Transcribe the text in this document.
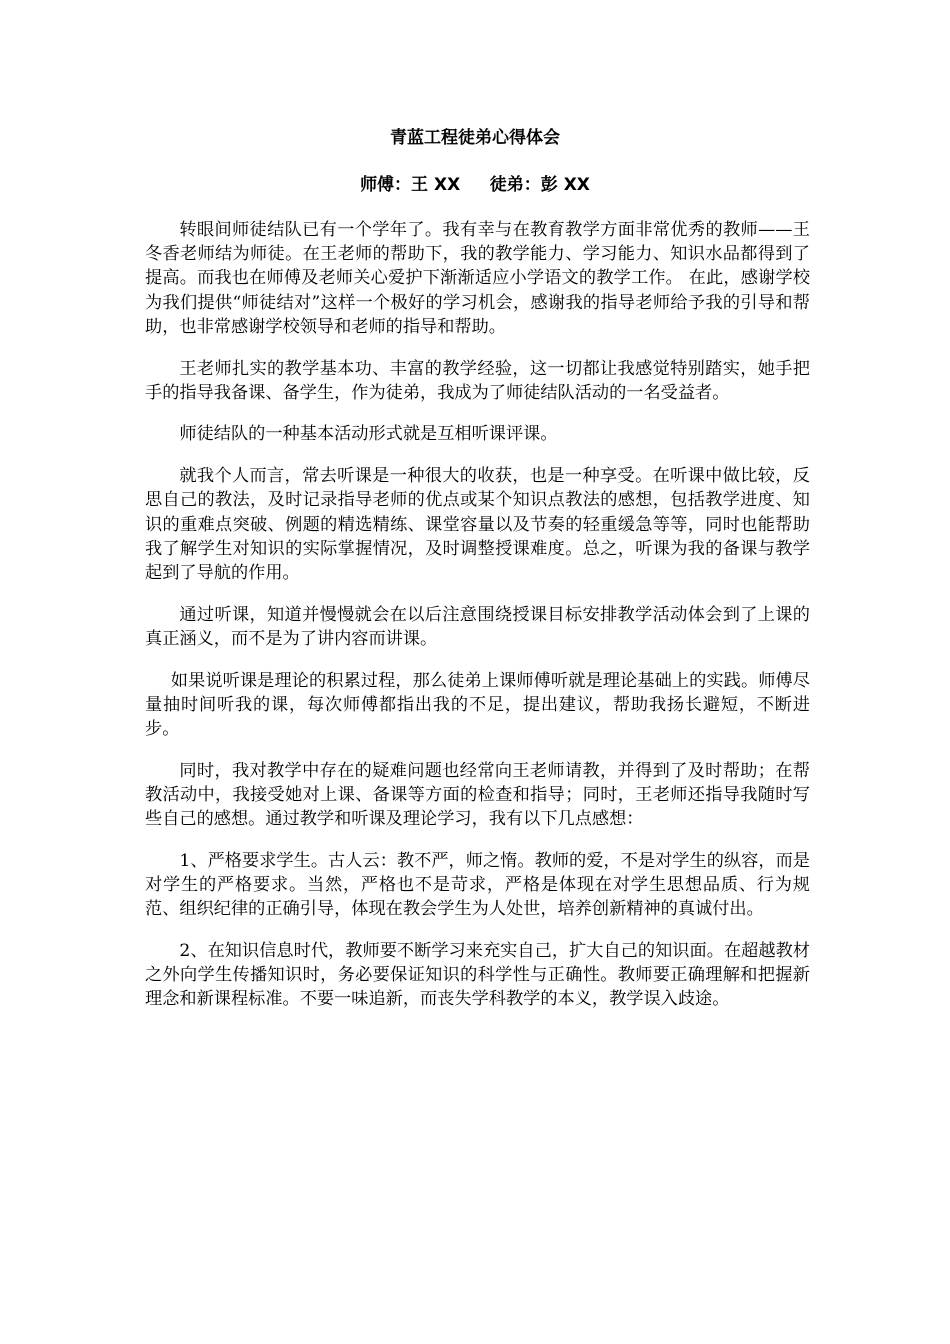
青蓝工程徒弟心得体会
师傅：王 XX     徒弟：彭 XX

转眼间师徒结队已有一个学年了。我有幸与在教育教学方面非常优秀的教师——王冬香老师结为师徒。在王老师的帮助下，我的教学能力、学习能力、知识水品都得到了提高。而我也在师傅及老师关心爱护下渐渐适应小学语文的教学工作。 在此，感谢学校为我们提供“师徒结对”这样一个极好的学习机会，感谢我的指导老师给予我的引导和帮助，也非常感谢学校领导和老师的指导和帮助。

王老师扎实的教学基本功、丰富的教学经验，这一切都让我感觉特别踏实，她手把手的指导我备课、备学生，作为徒弟，我成为了师徒结队活动的一名受益者。

师徒结队的一种基本活动形式就是互相听课评课。

就我个人而言，常去听课是一种很大的收获，也是一种享受。在听课中做比较，反思自己的教法，及时记录指导老师的优点或某个知识点教法的感想，包括教学进度、知识的重难点突破、例题的精选精练、课堂容量以及节奏的轻重缓急等等，同时也能帮助我了解学生对知识的实际掌握情况，及时调整授课难度。总之，听课为我的备课与教学起到了导航的作用。

通过听课，知道并慢慢就会在以后注意围绕授课目标安排教学活动体会到了上课的真正涵义，而不是为了讲内容而讲课。

如果说听课是理论的积累过程，那么徒弟上课师傅听就是理论基础上的实践。师傅尽量抽时间听我的课，每次师傅都指出我的不足，提出建议，帮助我扬长避短，不断进步。

同时，我对教学中存在的疑难问题也经常向王老师请教，并得到了及时帮助；在帮教活动中，我接受她对上课、备课等方面的检查和指导；同时，王老师还指导我随时写些自己的感想。通过教学和听课及理论学习，我有以下几点感想：

1、严格要求学生。古人云：教不严，师之惰。教师的爱，不是对学生的纵容，而是对学生的严格要求。当然，严格也不是苛求，严格是体现在对学生思想品质、行为规范、组织纪律的正确引导，体现在教会学生为人处世，培养创新精神的真诚付出。

2、在知识信息时代，教师要不断学习来充实自己，扩大自己的知识面。在超越教材之外向学生传播知识时，务必要保证知识的科学性与正确性。教师要正确理解和把握新理念和新课程标准。不要一味追新，而丧失学科教学的本义，教学误入歧途。
